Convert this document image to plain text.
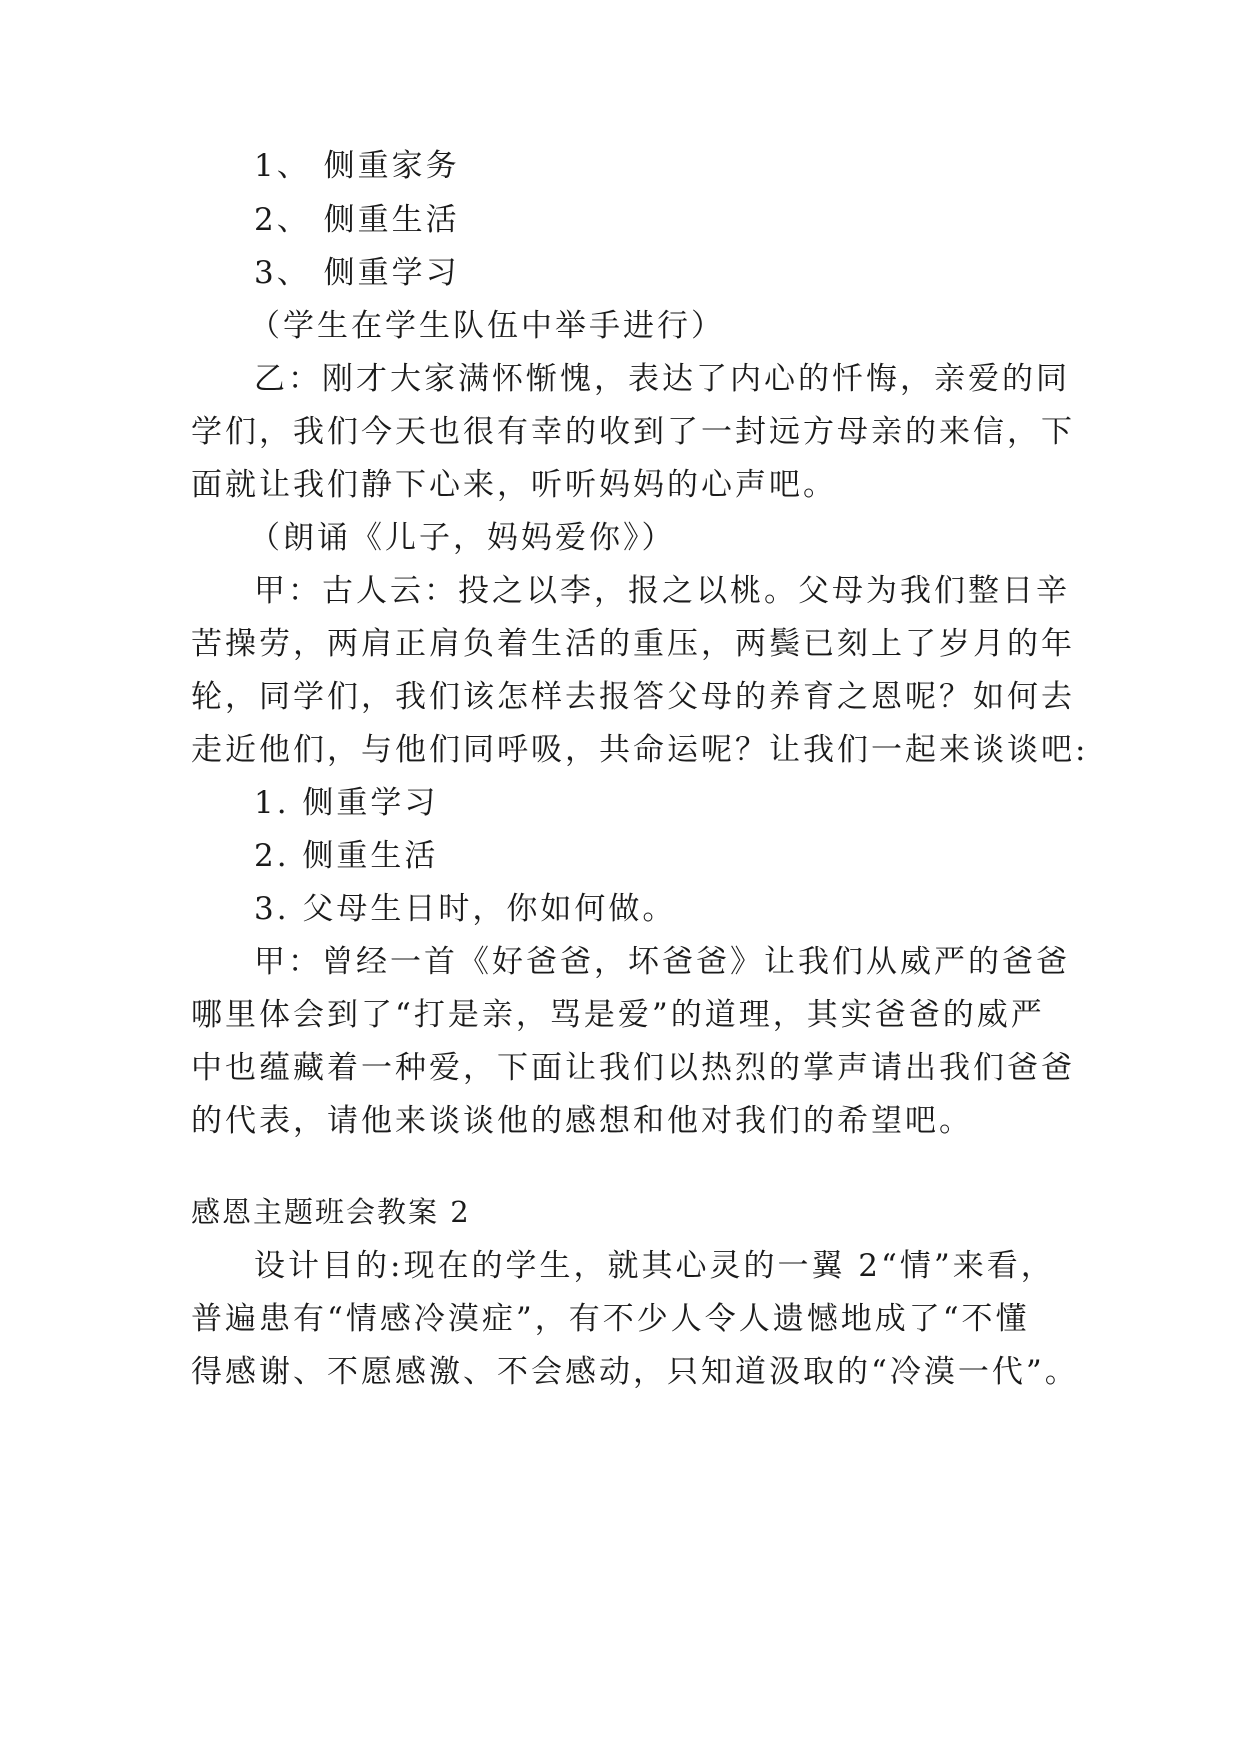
1、 侧重家务
2、 侧重生活
3、 侧重学习
（学生在学生队伍中举手进行）
乙：刚才大家满怀惭愧，表达了内心的忏悔，亲爱的同
学们，我们今天也很有幸的收到了一封远方母亲的来信，下
面就让我们静下心来，听听妈妈的心声吧。
（朗诵《儿子，妈妈爱你》）
甲：古人云：投之以李，报之以桃。父母为我们整日辛
苦操劳，两肩正肩负着生活的重压，两鬓已刻上了岁月的年
轮，同学们，我们该怎样去报答父母的养育之恩呢？如何去
走近他们，与他们同呼吸，共命运呢？让我们一起来谈谈吧:
1. 侧重学习
2. 侧重生活
3. 父母生日时，你如何做。
甲：曾经一首《好爸爸，坏爸爸》让我们从威严的爸爸
哪里体会到了“打是亲，骂是爱”的道理，其实爸爸的威严
中也蕴藏着一种爱，下面让我们以热烈的掌声请出我们爸爸
的代表，请他来谈谈他的感想和他对我们的希望吧。
感恩主题班会教案 2
设计目的:现在的学生，就其心灵的一翼 2“情”来看，
普遍患有“情感冷漠症”，有不少人令人遗憾地成了“不懂
得感谢、不愿感激、不会感动，只知道汲取的“冷漠一代”。
